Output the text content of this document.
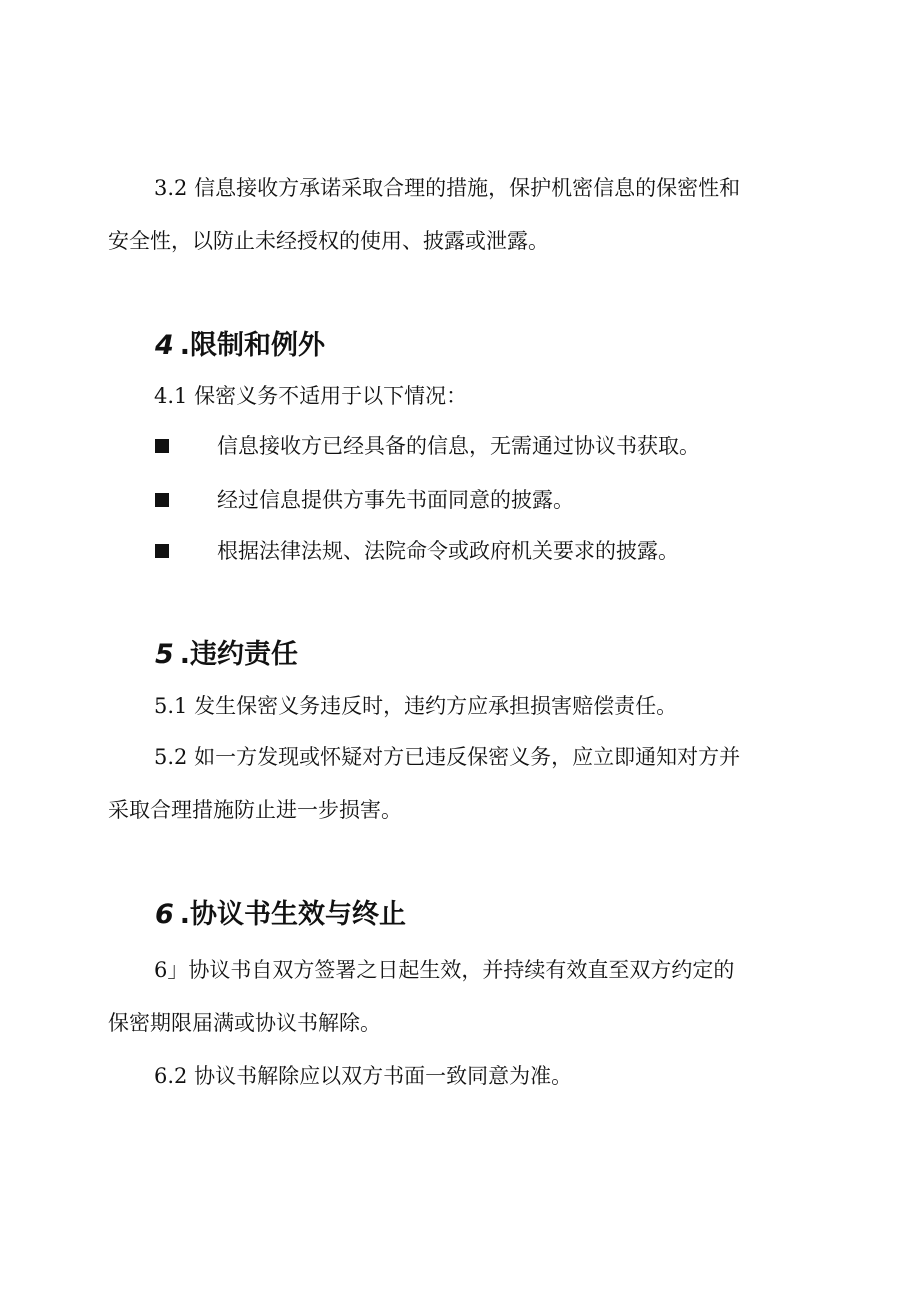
3.2 信息接收方承诺采取合理的措施，保护机密信息的保密性和
安全性，以防止未经授权的使用、披露或泄露。

4 .限制和例外

4.1 保密义务不适用于以下情况：

信息接收方已经具备的信息，无需通过协议书获取。
经过信息提供方事先书面同意的披露。
根据法律法规、法院命令或政府机关要求的披露。
5 .违约责任

5.1 发生保密义务违反时，违约方应承担损害赔偿责任。

5.2 如一方发现或怀疑对方已违反保密义务，应立即通知对方并
采取合理措施防止进一步损害。

6 .协议书生效与终止

6」协议书自双方签署之日起生效，并持续有效直至双方约定的
保密期限届满或协议书解除。

6.2 协议书解除应以双方书面一致同意为准。
